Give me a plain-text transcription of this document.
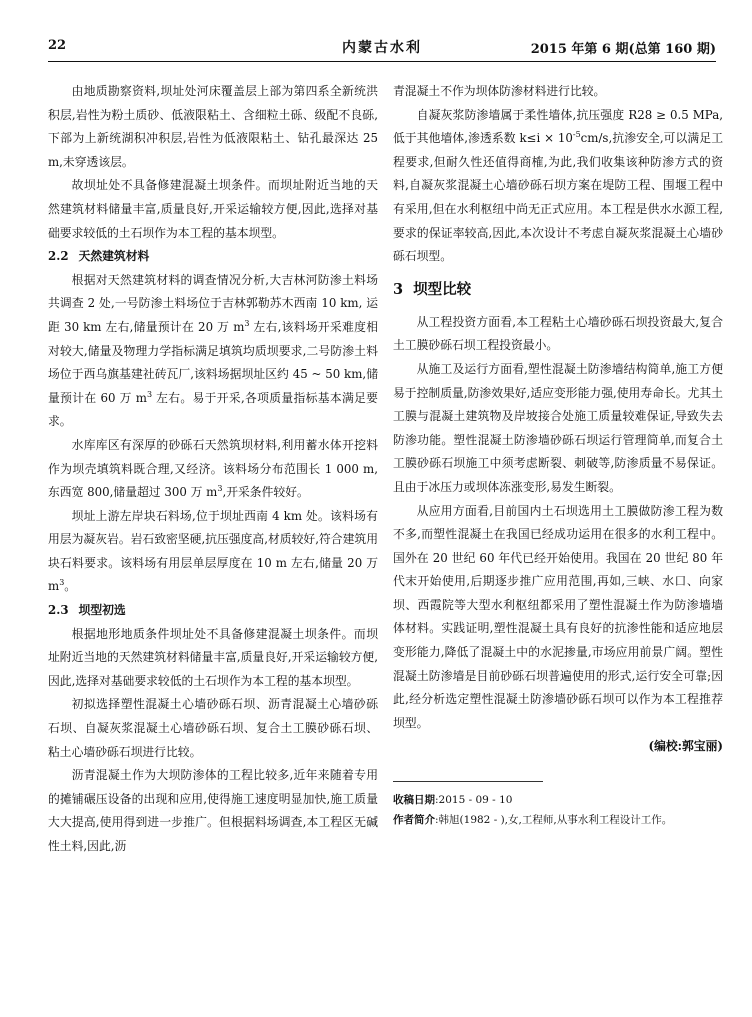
22	内蒙古水利	2015 年第 6 期(总第 160 期)

由地质勘察资料,坝址处河床覆盖层上部为第四系全新统洪积层,岩性为粉土质砂、低液限粘土、含细粒土砾、级配不良砾,下部为上新统湖积冲积层,岩性为低液限粘土、钻孔最深达 25 m,未穿透该层。

故坝址处不具备修建混凝土坝条件。而坝址附近当地的天然建筑材料储量丰富,质量良好,开采运输较方便,因此,选择对基础要求较低的土石坝作为本工程的基本坝型。

2.2 天然建筑材料

根据对天然建筑材料的调查情况分析,大吉林河防渗土料场共调查 2 处,一号防渗土料场位于吉林郭勒苏木西南 10 km, 运距 30 km 左右,储量预计在 20 万 $m^3$ 左右,该料场开采难度相对较大,储量及物理力学指标满足填筑均质坝要求,二号防渗土料场位于西乌旗基建社砖瓦厂,该料场据坝址区约 45 ~ 50 km,储量预计在 60 万 $m^3$ 左右。易于开采,各项质量指标基本满足要求。

水库库区有深厚的砂砾石天然筑坝材料,利用蓄水体开挖料作为坝壳填筑料既合理,又经济。该料场分布范围长 1 000 m,东西宽 800,储量超过 300 万 $m^3$,开采条件较好。

坝址上游左岸块石料场,位于坝址西南 4 km 处。该料场有用层为凝灰岩。岩石致密坚硬,抗压强度高,材质较好,符合建筑用块石料要求。该料场有用层单层厚度在 10 m 左右,储量 20 万 $m^3$。

2.3 坝型初选

根据地形地质条件坝址处不具备修建混凝土坝条件。而坝址附近当地的天然建筑材料储量丰富,质量良好,开采运输较方便,因此,选择对基础要求较低的土石坝作为本工程的基本坝型。

初拟选择塑性混凝土心墙砂砾石坝、沥青混凝土心墙砂砾石坝、自凝灰浆混凝土心墙砂砾石坝、复合土工膜砂砾石坝、粘土心墙砂砾石坝进行比较。

沥青混凝土作为大坝防渗体的工程比较多,近年来随着专用的摊铺碾压设备的出现和应用,使得施工速度明显加快,施工质量大大提高,使用得到进一步推广。但根据料场调查,本工程区无碱性土料,因此,沥

青混凝土不作为坝体防渗材料进行比较。

自凝灰浆防渗墙属于柔性墙体,抗压强度 R28 ≥ 0.5 MPa,低于其他墙体,渗透系数 $k\le i \times 10^{-5}cm/s$,抗渗安全,可以满足工程要求,但耐久性还值得商榷,为此,我们收集该种防渗方式的资料,自凝灰浆混凝土心墙砂砾石坝方案在堤防工程、围堰工程中有采用,但在水利枢纽中尚无正式应用。本工程是供水水源工程,要求的保证率较高,因此,本次设计不考虑自凝灰浆混凝土心墙砂砾石坝型。

3 坝型比较

从工程投资方面看,本工程粘土心墙砂砾石坝投资最大,复合土工膜砂砾石坝工程投资最小。

从施工及运行方面看,塑性混凝土防渗墙结构简单,施工方便易于控制质量,防渗效果好,适应变形能力强,使用寿命长。尤其土工膜与混凝土建筑物及岸坡接合处施工质量较难保证,导致失去防渗功能。塑性混凝土防渗墙砂砾石坝运行管理简单,而复合土工膜砂砾石坝施工中须考虑断裂、刺破等,防渗质量不易保证。且由于冰压力或坝体冻涨变形,易发生断裂。

从应用方面看,目前国内土石坝选用土工膜做防渗工程为数不多,而塑性混凝土在我国已经成功运用在很多的水利工程中。国外在 20 世纪 60 年代已经开始使用。我国在 20 世纪 80 年代末开始使用,后期逐步推广应用范围,再如,三峡、水口、向家坝、西霞院等大型水利枢纽都采用了塑性混凝土作为防渗墙墙体材料。实践证明,塑性混凝土具有良好的抗渗性能和适应地层变形能力,降低了混凝土中的水泥掺量,市场应用前景广阔。塑性混凝土防渗墙是目前砂砾石坝普遍使用的形式,运行安全可靠;因此,经分析选定塑性混凝土防渗墙砂砾石坝可以作为本工程推荐坝型。

(编校:郭宝丽)
收稿日期:2015 - 09 - 10
作者简介:韩旭(1982 - ),女,工程师,从事水利工程设计工作。
